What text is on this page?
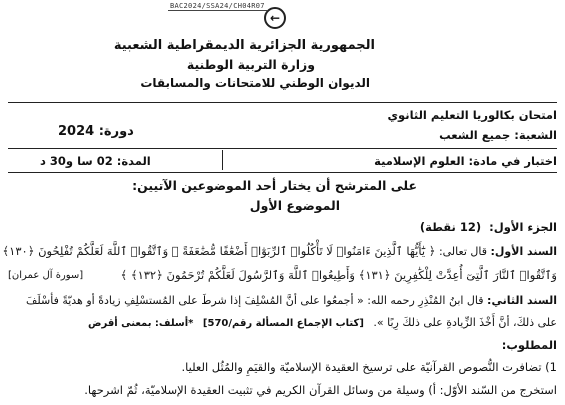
BAC2024/SSA24/CH04R07
←
الجمهورية الجزائرية الديمقراطية الشعبية
وزارة التربية الوطنية
الديوان الوطني للامتحانات والمسابقات
امتحان بكالوريا التعليم الثانوي
الشعبة: جميع الشعب
دورة: 2024
اختبار في مادة: العلوم الإسلامية
المدة: 02 سا و30 د
على المترشح أن يختار أحد الموضوعين الآتيين:
الموضوع الأول
الجزء الأول: (12 نقطة)
السند الأول: قال تعالى: ﴿ يَٰٓأَيُّهَا ٱلَّذِينَ ءَامَنُوا۟ لَا تَأْكُلُوا۟ ٱلرِّبَوٰٓا۟ أَضْعَٰفًا مُّضَٰعَفَةً ۖ وَٱتَّقُوا۟ ٱللَّهَ لَعَلَّكُمْ تُفْلِحُونَ ﴿١٣٠﴾
وَٱتَّقُوا۟ ٱلنَّارَ ٱلَّتِىٓ أُعِدَّتْ لِلْكَٰفِرِينَ ﴿١٣١﴾ وَأَطِيعُوا۟ ٱللَّهَ وَٱلرَّسُولَ لَعَلَّكُمْ تُرْحَمُونَ ﴿١٣٢﴾ ﴾
[سورة آل عمران]
السند الثاني: قال ابنُ المُنْذِرِ رحمه الله: « أجمعُوا على أنَّ المُسْلِفَ إذا شرطَ على المُستسْلِفِ زيادةً أو هديّةً فأسْلَفَ
على ذلكَ، أنَّ أَخْذَ الزِّيادةِ على ذلكَ رِبًا ». [كتاب الإجماع المسألة رقم/570] *أسلف: بمعنى أقرض
المطلوب:
1) تضافرت النُّصوص القرآنيّة على ترسيخ العقيدة الإسلاميّة والقيَمِ والمُثُل العليا.
استخرج من السّند الأوّل: أ) وسيلة من وسائل القرآن الكريم في تثبيت العقيدة الإسلاميّة، ثُمّ اشرحها.
